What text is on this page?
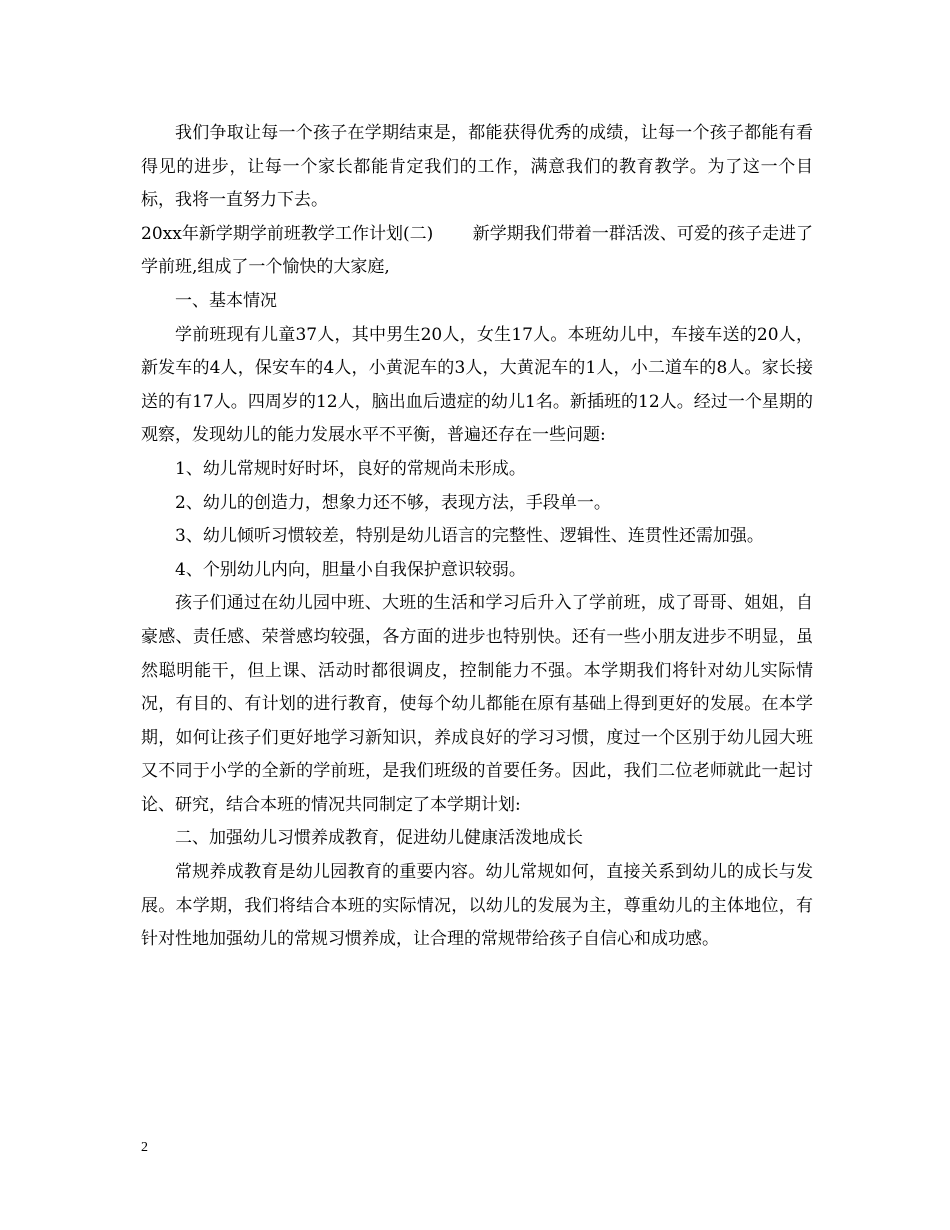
我们争取让每一个孩子在学期结束是，都能获得优秀的成绩，让每一个孩子都能有看得见的进步，让每一个家长都能肯定我们的工作，满意我们的教育教学。为了这一个目标，我将一直努力下去。

20xx年新学期学前班教学工作计划(二)　　 新学期我们带着一群活泼、可爱的孩子走进了学前班,组成了一个愉快的大家庭,

一、基本情况

学前班现有儿童37人，其中男生20人，女生17人。本班幼儿中，车接车送的20人，新发车的4人，保安车的4人，小黄泥车的3人，大黄泥车的1人，小二道车的8人。家长接送的有17人。四周岁的12人，脑出血后遗症的幼儿1名。新插班的12人。经过一个星期的观察，发现幼儿的能力发展水平不平衡，普遍还存在一些问题:

1、幼儿常规时好时坏，良好的常规尚未形成。

2、幼儿的创造力，想象力还不够，表现方法，手段单一。

3、幼儿倾听习惯较差，特别是幼儿语言的完整性、逻辑性、连贯性还需加强。

4、个别幼儿内向，胆量小自我保护意识较弱。

孩子们通过在幼儿园中班、大班的生活和学习后升入了学前班，成了哥哥、姐姐，自豪感、责任感、荣誉感均较强，各方面的进步也特别快。还有一些小朋友进步不明显，虽然聪明能干，但上课、活动时都很调皮，控制能力不强。本学期我们将针对幼儿实际情况，有目的、有计划的进行教育，使每个幼儿都能在原有基础上得到更好的发展。在本学期，如何让孩子们更好地学习新知识，养成良好的学习习惯，度过一个区别于幼儿园大班又不同于小学的全新的学前班，是我们班级的首要任务。因此，我们二位老师就此一起讨论、研究，结合本班的情况共同制定了本学期计划:

二、加强幼儿习惯养成教育，促进幼儿健康活泼地成长

常规养成教育是幼儿园教育的重要内容。幼儿常规如何，直接关系到幼儿的成长与发展。本学期，我们将结合本班的实际情况，以幼儿的发展为主，尊重幼儿的主体地位，有针对性地加强幼儿的常规习惯养成，让合理的常规带给孩子自信心和成功感。

2
